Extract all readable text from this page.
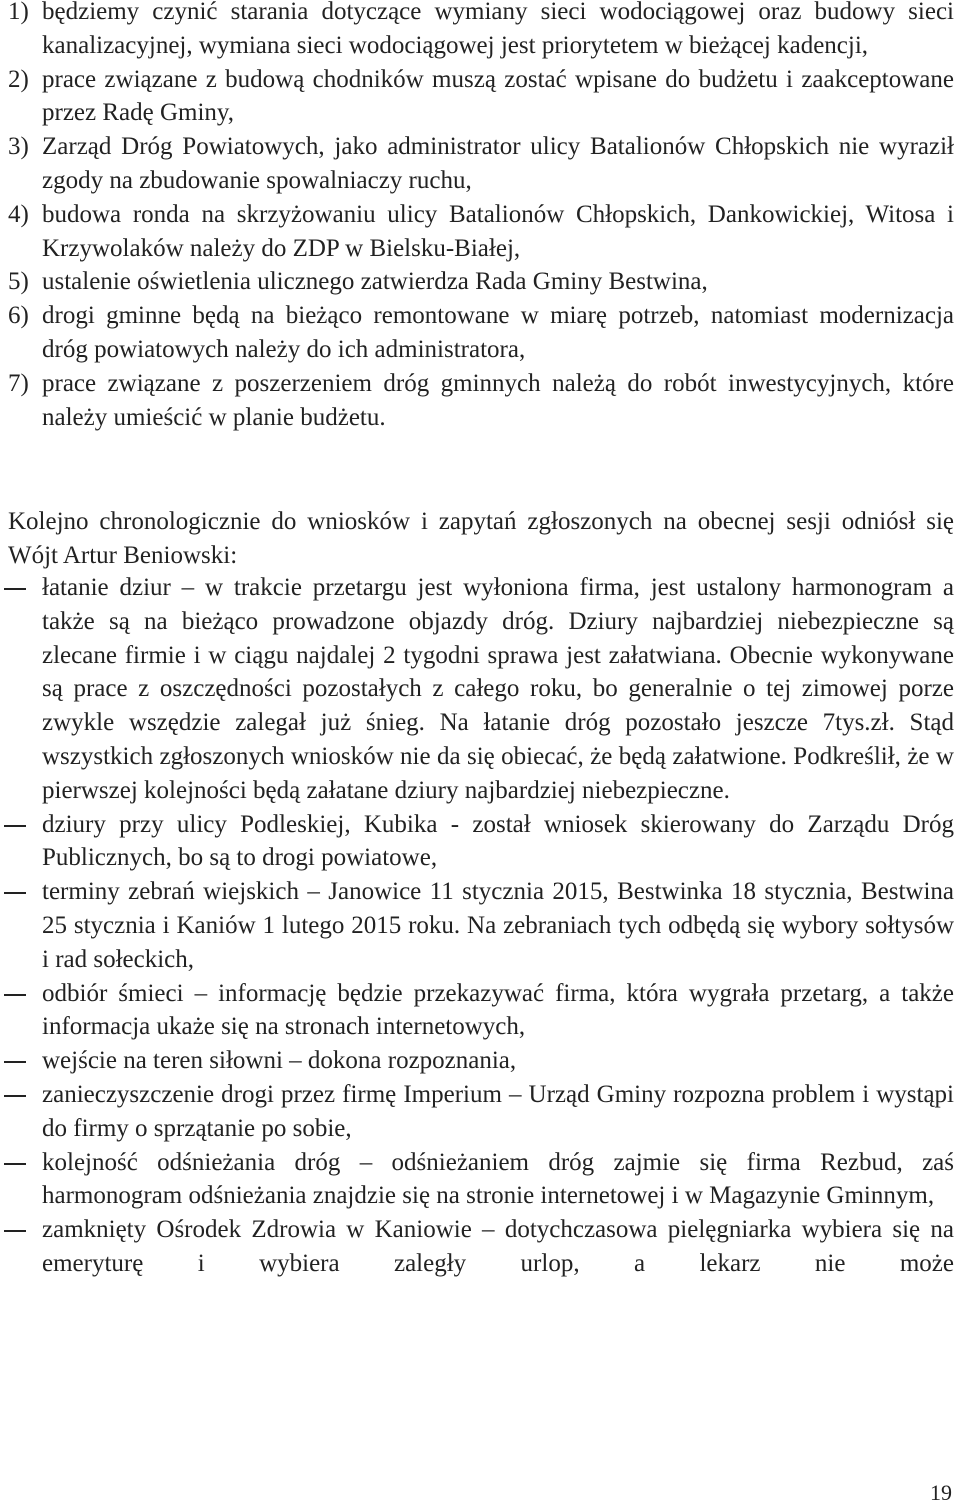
1) będziemy czynić starania dotyczące wymiany sieci wodociągowej oraz budowy sieci kanalizacyjnej, wymiana sieci wodociągowej jest priorytetem w bieżącej kadencji,
2) prace związane z budową chodników muszą zostać wpisane do budżetu i zaakceptowane przez Radę Gminy,
3) Zarząd Dróg Powiatowych, jako administrator ulicy Batalionów Chłopskich nie wyraził zgody na zbudowanie spowalniaczy ruchu,
4) budowa ronda na skrzyżowaniu ulicy Batalionów Chłopskich, Dankowickiej, Witosa i Krzywolaków należy do ZDP w Bielsku-Białej,
5) ustalenie oświetlenia ulicznego zatwierdza Rada Gminy Bestwina,
6) drogi gminne będą na bieżąco remontowane w miarę potrzeb, natomiast modernizacja dróg powiatowych należy do ich administratora,
7) prace związane z poszerzeniem dróg gminnych należą do robót inwestycyjnych, które należy umieścić w planie budżetu.

Kolejno chronologicznie do wniosków i zapytań zgłoszonych na obecnej sesji odniósł się Wójt Artur Beniowski:

łatanie dziur – w trakcie przetargu jest wyłoniona firma, jest ustalony harmonogram a także są na bieżąco prowadzone objazdy dróg. Dziury najbardziej niebezpieczne są zlecane firmie i w ciągu najdalej 2 tygodni sprawa jest załatwiana. Obecnie wykonywane są prace z oszczędności pozostałych z całego roku, bo generalnie o tej zimowej porze zwykle wszędzie zalegał już śnieg. Na łatanie dróg pozostało jeszcze 7tys.zł. Stąd wszystkich zgłoszonych wniosków nie da się obiecać, że będą załatwione. Podkreślił, że w pierwszej kolejności będą załatane dziury najbardziej niebezpieczne.
dziury przy ulicy Podleskiej, Kubika - został wniosek skierowany do Zarządu Dróg Publicznych, bo są to drogi powiatowe,
terminy zebrań wiejskich – Janowice 11 stycznia 2015, Bestwinka 18 stycznia, Bestwina 25 stycznia i Kaniów 1 lutego 2015 roku. Na zebraniach tych odbędą się wybory sołtysów i rad sołeckich,
odbiór śmieci – informację będzie przekazywać firma, która wygrała przetarg, a także informacja ukaże się na stronach internetowych,
wejście na teren siłowni – dokona rozpoznania,
zanieczyszczenie drogi przez firmę Imperium – Urząd Gminy rozpozna problem i wystąpi do firmy o sprzątanie po sobie,
kolejność odśnieżania dróg – odśnieżaniem dróg zajmie się firma Rezbud, zaś harmonogram odśnieżania znajdzie się na stronie internetowej i w Magazynie Gminnym,
zamknięty Ośrodek Zdrowia w Kaniowie – dotychczasowa pielęgniarka wybiera się na emeryturę i wybiera zaległy urlop, a lekarz nie może
19
